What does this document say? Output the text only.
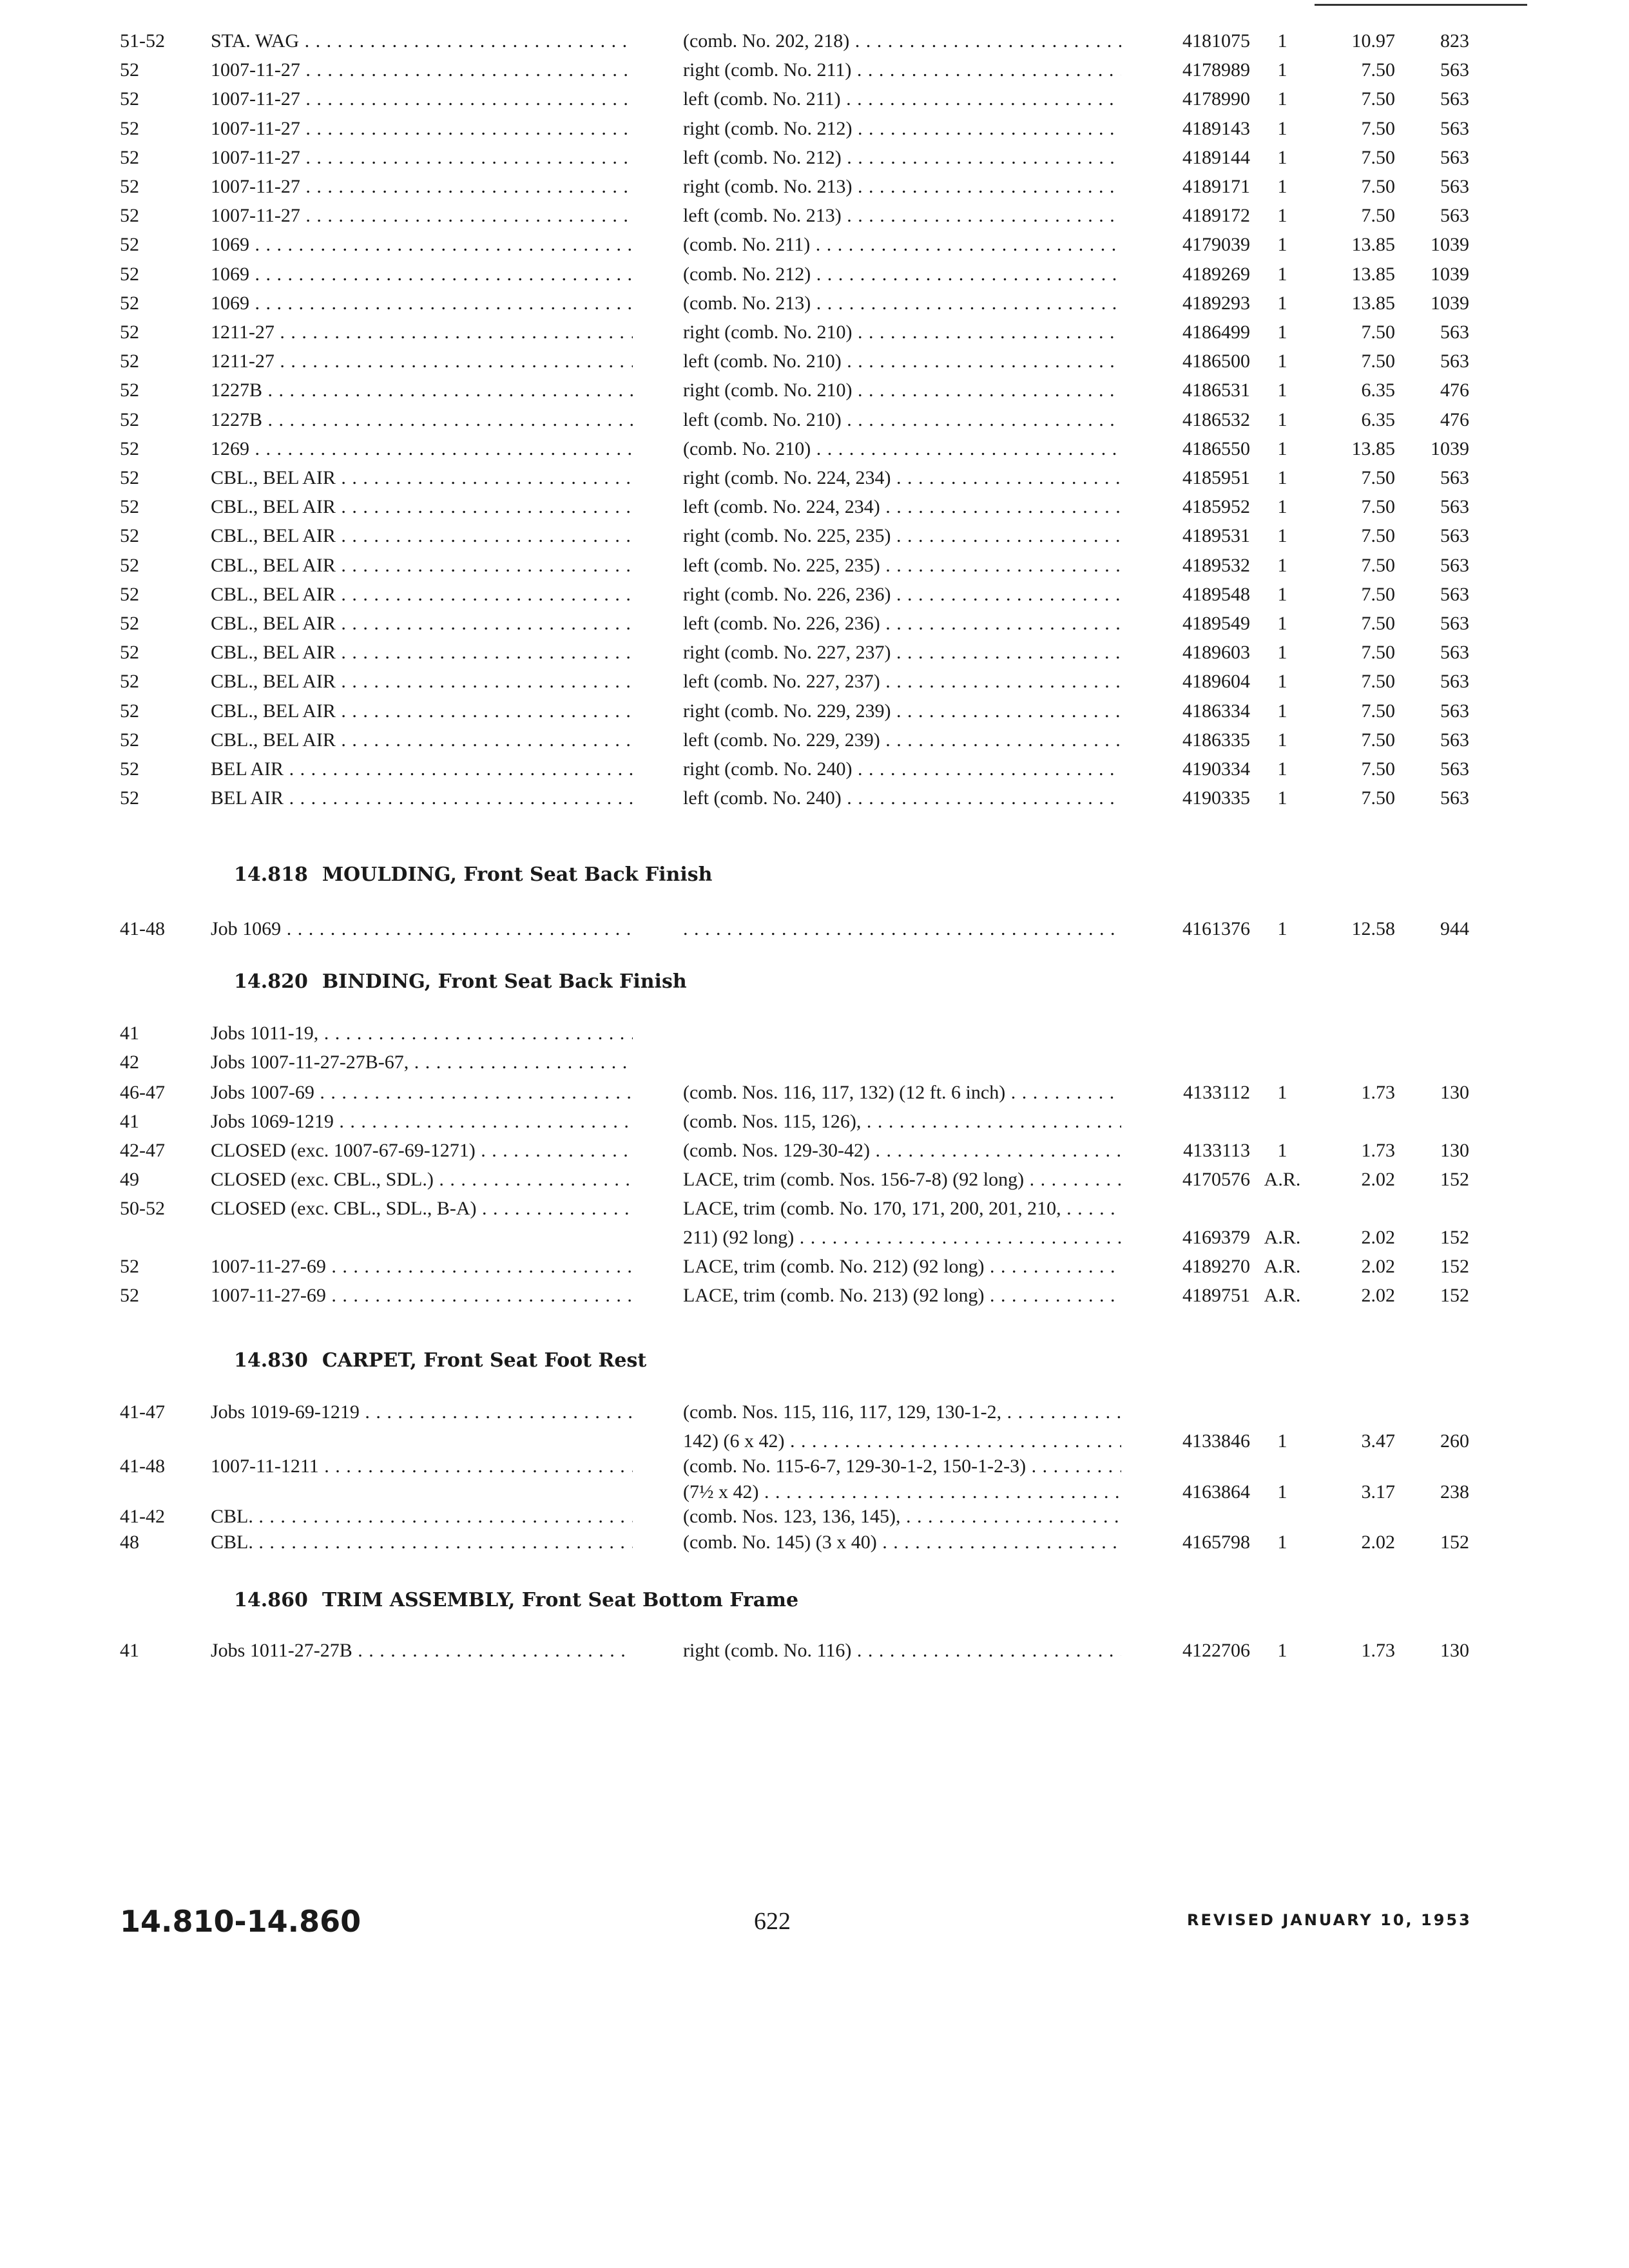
51-52 STA. WAG . . .	(comb. No. 202, 218) . . .	4181075	1	10.97	823
52	1007-11-27 . . .	right (comb. No. 211) . . .	4178989	1	7.50	563
52	1007-11-27 . . .	left (comb. No. 211) . . .	4178990	1	7.50	563
52	1007-11-27 . . .	right (comb. No. 212) . . .	4189143	1	7.50	563
52	1007-11-27 . . .	left (comb. No. 212) . . .	4189144	1	7.50	563
52	1007-11-27 . . .	right (comb. No. 213) . . .	4189171	1	7.50	563
52	1007-11-27 . . .	left (comb. No. 213) . . .	4189172	1	7.50	563
52	1069 . . .	(comb. No. 211) . . .	4179039	1	13.85	1039
52	1069 . . .	(comb. No. 212) . . .	4189269	1	13.85	1039
52	1069 . . .	(comb. No. 213) . . .	4189293	1	13.85	1039
52	1211-27 . . .	right (comb. No. 210) . . .	4186499	1	7.50	563
52	1211-27 . . .	left (comb. No. 210) . . .	4186500	1	7.50	563
52	1227B . . .	right (comb. No. 210) . . .	4186531	1	6.35	476
52	1227B . . .	left (comb. No. 210) . . .	4186532	1	6.35	476
52	1269 . . .	(comb. No. 210) . . .	4186550	1	13.85	1039
52	CBL., BEL AIR . . .	right (comb. No. 224, 234) . . .	4185951	1	7.50	563
52	CBL., BEL AIR . . .	left (comb. No. 224, 234) . . .	4185952	1	7.50	563
52	CBL., BEL AIR . . .	right (comb. No. 225, 235) . . .	4189531	1	7.50	563
52	CBL., BEL AIR . . .	left (comb. No. 225, 235) . . .	4189532	1	7.50	563
52	CBL., BEL AIR . . .	right (comb. No. 226, 236) . . .	4189548	1	7.50	563
52	CBL., BEL AIR . . .	left (comb. No. 226, 236) . . .	4189549	1	7.50	563
52	CBL., BEL AIR . . .	right (comb. No. 227, 237) . . .	4189603	1	7.50	563
52	CBL., BEL AIR . . .	left (comb. No. 227, 237) . . .	4189604	1	7.50	563
52	CBL., BEL AIR . . .	right (comb. No. 229, 239) . . .	4186334	1	7.50	563
52	CBL., BEL AIR . . .	left (comb. No. 229, 239) . . .	4186335	1	7.50	563
52	BEL AIR . . .	right (comb. No. 240) . . .	4190334	1	7.50	563
52	BEL AIR . . .	left (comb. No. 240) . . .	4190335	1	7.50	563
14.818 MOULDING, Front Seat Back Finish
41-48 Job 1069 . . .
. . .	4161376	1	12.58	944
14.820 BINDING, Front Seat Back Finish
41	Jobs 1011-19, . . .
42	Jobs 1007-11-27-27B-67, . . .
46-47 Jobs 1007-69 . . .	(comb. Nos. 116, 117, 132) (12 ft. 6 inch) . . .	4133112	1	1.73	130
41	Jobs 1069-1219 . . .	(comb. Nos. 115, 126), . . .
42-47 CLOSED (exc. 1007-67-69-1271) . . .	(comb. Nos. 129-30-42) . . .	4133113	1	1.73	130
49	CLOSED (exc. CBL., SDL.) . . .	LACE, trim (comb. Nos. 156-7-8) (92 long) . . .	4170576 A.R.	2.02	152
50-52 CLOSED (exc. CBL., SDL., B-A) . . .	LACE, trim (comb. No. 170, 171, 200, 201, 210, . . .
211) (92 long) . . .	4169379 A.R.	2.02	152
52	1007-11-27-69 . . .	LACE, trim (comb. No. 212) (92 long) . . .	4189270 A.R.	2.02	152
52	1007-11-27-69 . . .	LACE, trim (comb. No. 213) (92 long) . . .	4189751 A.R.	2.02	152
14.830 CARPET, Front Seat Foot Rest
41-47 Jobs 1019-69-1219 . . .	(comb. Nos. 115, 116, 117, 129, 130-1-2, . . .
142) (6 x 42) . . .	4133846	1	3.47	260
41-48 1007-11-1211 . . .	(comb. No. 115-6-7, 129-30-1-2, 150-1-2-3) . . .
(7½ x 42) . . .	4163864	1	3.17	238
41-42 CBL. . . .	(comb. Nos. 123, 136, 145), . . .
48	CBL. . . .	(comb. No. 145) (3 x 40) . . .	4165798	1	2.02	152
14.860 TRIM ASSEMBLY, Front Seat Bottom Frame
41	Jobs 1011-27-27B . . .	right (comb. No. 116) . . .	4122706	1	1.73	130
14.810-14.860	622	REVISED JANUARY 10, 1953
